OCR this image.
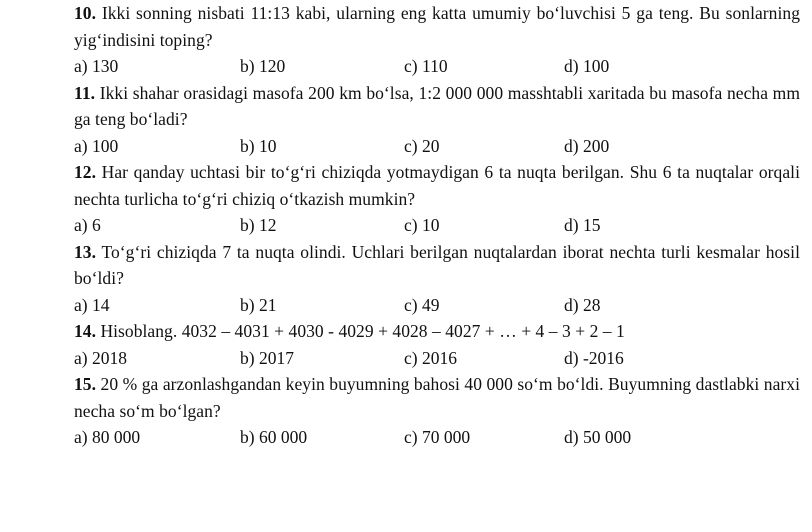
10. Ikki sonning nisbati 11:13 kabi, ularning eng katta umumiy bo‘luvchisi 5 ga teng. Bu sonlarning yig‘indisini toping?
a) 130	b) 120	c) 110	d) 100
11. Ikki shahar orasidagi masofa 200 km bo‘lsa, 1:2 000 000 masshtabli xaritada bu masofa necha mm ga teng bo‘ladi?
a) 100	b) 10	c) 20	d) 200
12. Har qanday uchtasi bir to‘g‘ri chiziqda yotmaydigan 6 ta nuqta berilgan. Shu 6 ta nuqtalar orqali nechta turlicha to‘g‘ri chiziq o‘tkazish mumkin?
a) 6	b) 12	c) 10	d) 15
13. To‘g‘ri chiziqda 7 ta nuqta olindi. Uchlari berilgan nuqtalardan iborat nechta turli kesmalar hosil bo‘ldi?
a) 14	b) 21	c) 49	d) 28
14. Hisoblang. 4032 – 4031 + 4030 - 4029 + 4028 – 4027 + … + 4 – 3 + 2 – 1
a) 2018	b) 2017	c) 2016	d) -2016
15. 20 % ga arzonlashgandan keyin buyumning bahosi 40 000 so‘m bo‘ldi. Buyumning dastlabki narxi necha so‘m bo‘lgan?
a) 80 000	b) 60 000	c) 70 000	d) 50 000
